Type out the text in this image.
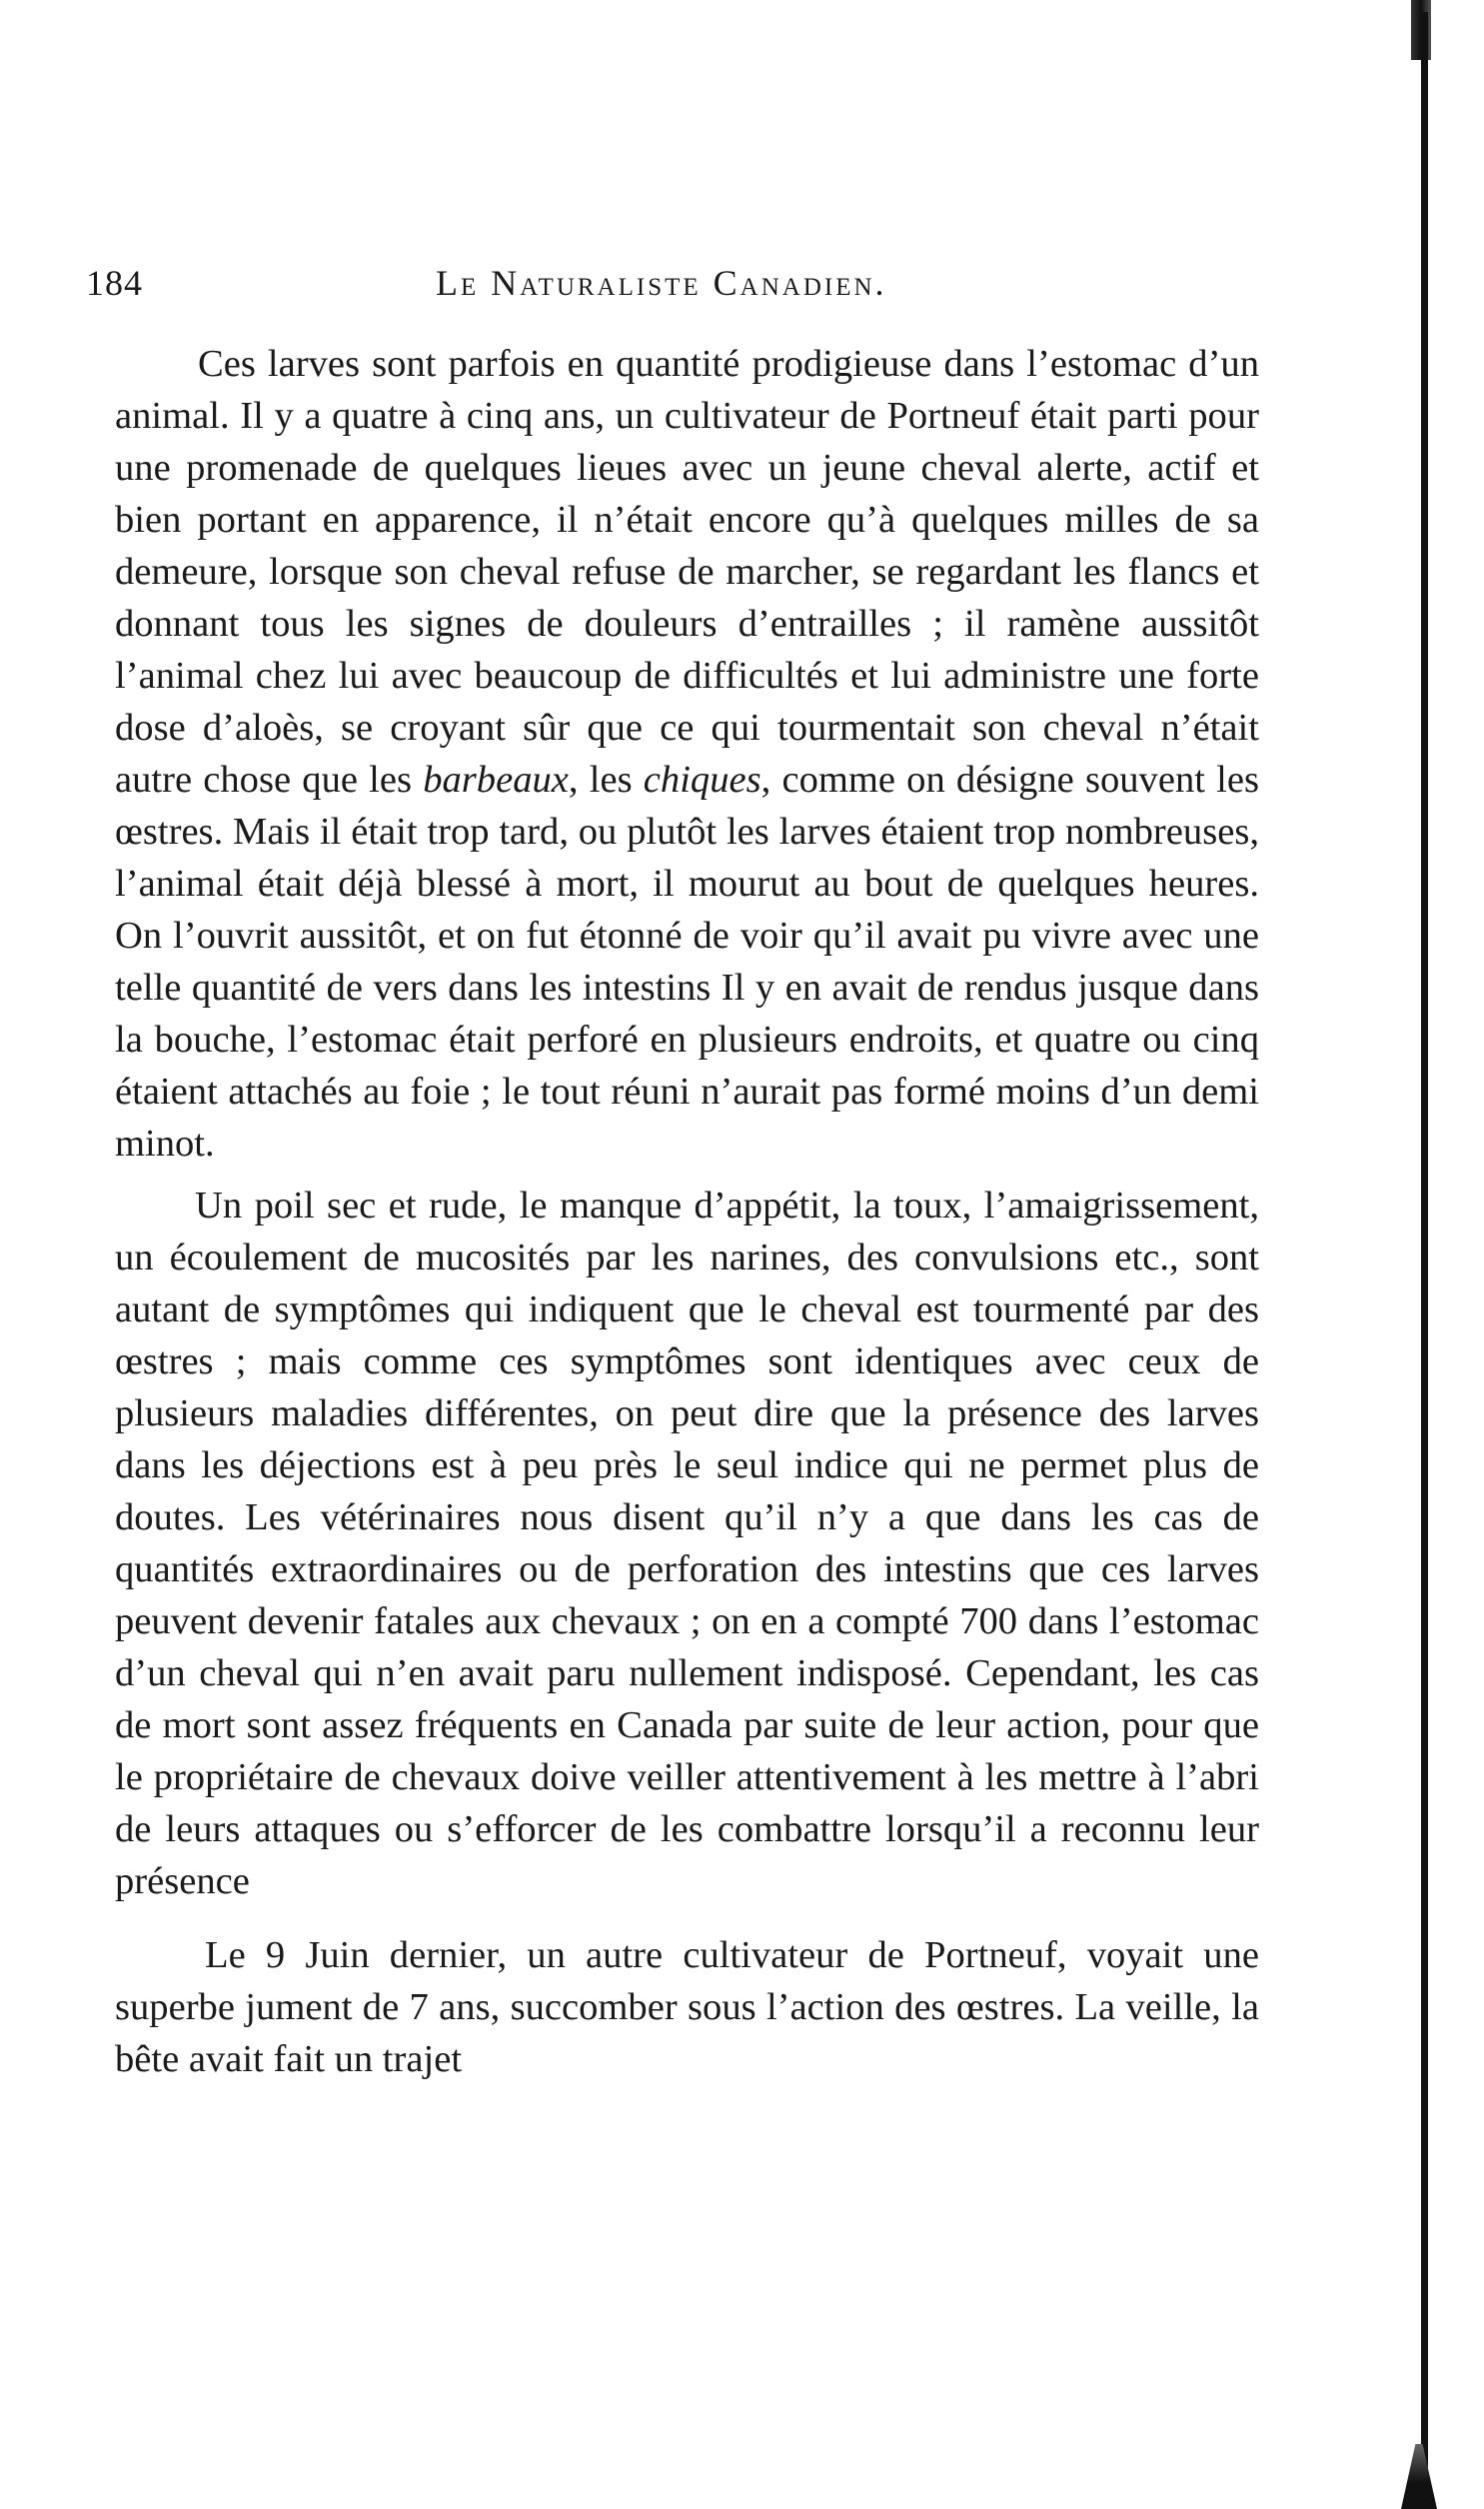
184	Le Naturaliste Canadien.

Ces larves sont parfois en quantité prodigieuse dans l’estomac d’un animal. Il y a quatre à cinq ans, un cultivateur de Portneuf était parti pour une promenade de quelques lieues avec un jeune cheval alerte, actif et bien portant en apparence, il n’était encore qu’à quelques milles de sa demeure, lorsque son cheval refuse de marcher, se regardant les flancs et donnant tous les signes de douleurs d’entrailles ; il ramène aussitôt l’animal chez lui avec beaucoup de difficultés et lui administre une forte dose d’aloès, se croyant sûr que ce qui tourmentait son cheval n’était autre chose que les barbeaux, les chiques, comme on désigne souvent les œstres. Mais il était trop tard, ou plutôt les larves étaient trop nombreuses, l’animal était déjà blessé à mort, il mourut au bout de quelques heures. On l’ouvrit aussitôt, et on fut étonné de voir qu’il avait pu vivre avec une telle quantité de vers dans les intestins Il y en avait de rendus jusque dans la bouche, l’estomac était perforé en plusieurs endroits, et quatre ou cinq étaient attachés au foie ; le tout réuni n’aurait pas formé moins d’un demi minot.

Un poil sec et rude, le manque d’appétit, la toux, l’amaigrissement, un écoulement de mucosités par les narines, des convulsions etc., sont autant de symptômes qui indiquent que le cheval est tourmenté par des œstres ; mais comme ces symptômes sont identiques avec ceux de plusieurs maladies différentes, on peut dire que la présence des larves dans les déjections est à peu près le seul indice qui ne permet plus de doutes. Les vétérinaires nous disent qu’il n’y a que dans les cas de quantités extraordinaires ou de perforation des intestins que ces larves peuvent devenir fatales aux chevaux ; on en a compté 700 dans l’estomac d’un cheval qui n’en avait paru nullement indisposé. Cependant, les cas de mort sont assez fréquents en Canada par suite de leur action, pour que le propriétaire de chevaux doive veiller attentivement à les mettre à l’abri de leurs attaques ou s’efforcer de les combattre lorsqu’il a reconnu leur présence

Le 9 Juin dernier, un autre cultivateur de Portneuf, voyait une superbe jument de 7 ans, succomber sous l’action des œstres. La veille, la bête avait fait un trajet
